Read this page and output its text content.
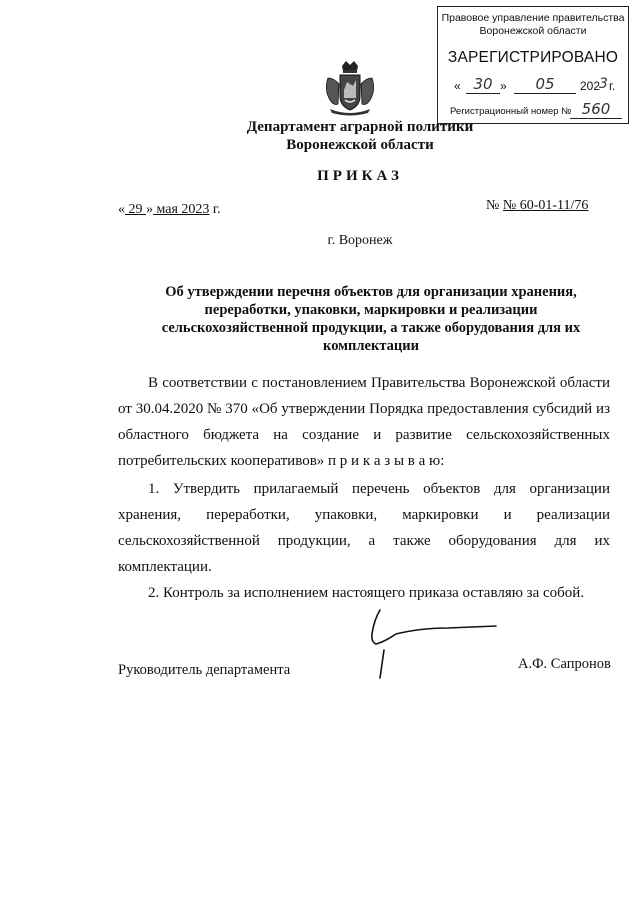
Правовое управление правительства
Воронежской области
ЗАРЕГИСТРИРОВАНО
« 30 »	05	202
3 г.
Регистрационный номер № 560
Департамент аграрной политики
Воронежской области
ПРИКАЗ
« 29 » мая 2023 г.	№ № 60-01-11/76
г. Воронеж
Об утверждении перечня объектов для организации хранения,
переработки, упаковки, маркировки и реализации
сельскохозяйственной продукции, а также оборудования для их
комплектации
В соответствии с постановлением Правительства Воронежской области
от 30.04.2020 № 370 «Об утверждении Порядка предоставления субсидий из
областного бюджета на создание и развитие сельскохозяйственных
потребительских кооперативов» п р и к а з ы в а ю:
1. Утвердить прилагаемый перечень объектов для организации
хранения, переработки, упаковки, маркировки и реализации
сельскохозяйственной продукции, а также оборудования для их
комплектации.
2. Контроль за исполнением настоящего приказа оставляю за собой.
Руководитель департамента	А.Ф. Сапронов
